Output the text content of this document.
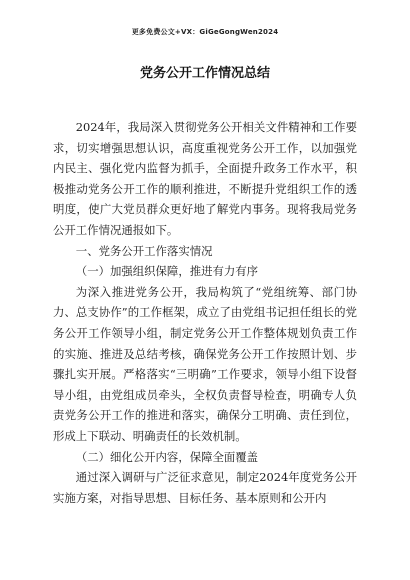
更多免费公文+VX：GiGeGongWen2024
党务公开工作情况总结

2024年，我局深入贯彻党务公开相关文件精神和工作要求，切实增强思想认识，高度重视党务公开工作，以加强党内民主、强化党内监督为抓手，全面提升政务工作水平，积极推动党务公开工作的顺利推进，不断提升党组织工作的透明度，使广大党员群众更好地了解党内事务。现将我局党务公开工作情况通报如下。

一、党务公开工作落实情况

（一）加强组织保障，推进有力有序

为深入推进党务公开，我局构筑了“党组统筹、部门协力、总支协作”的工作框架，成立了由党组书记担任组长的党务公开工作领导小组，制定党务公开工作整体规划负责工作的实施、推进及总结考核，确保党务公开工作按照计划、步骤扎实开展。严格落实“三明确”工作要求，领导小组下设督导小组，由党组成员牵头，全权负责督导检查，明确专人负责党务公开工作的推进和落实，确保分工明确、责任到位，形成上下联动、明确责任的长效机制。

（二）细化公开内容，保障全面覆盖

通过深入调研与广泛征求意见，制定2024年度党务公开实施方案，对指导思想、目标任务、基本原则和公开内
